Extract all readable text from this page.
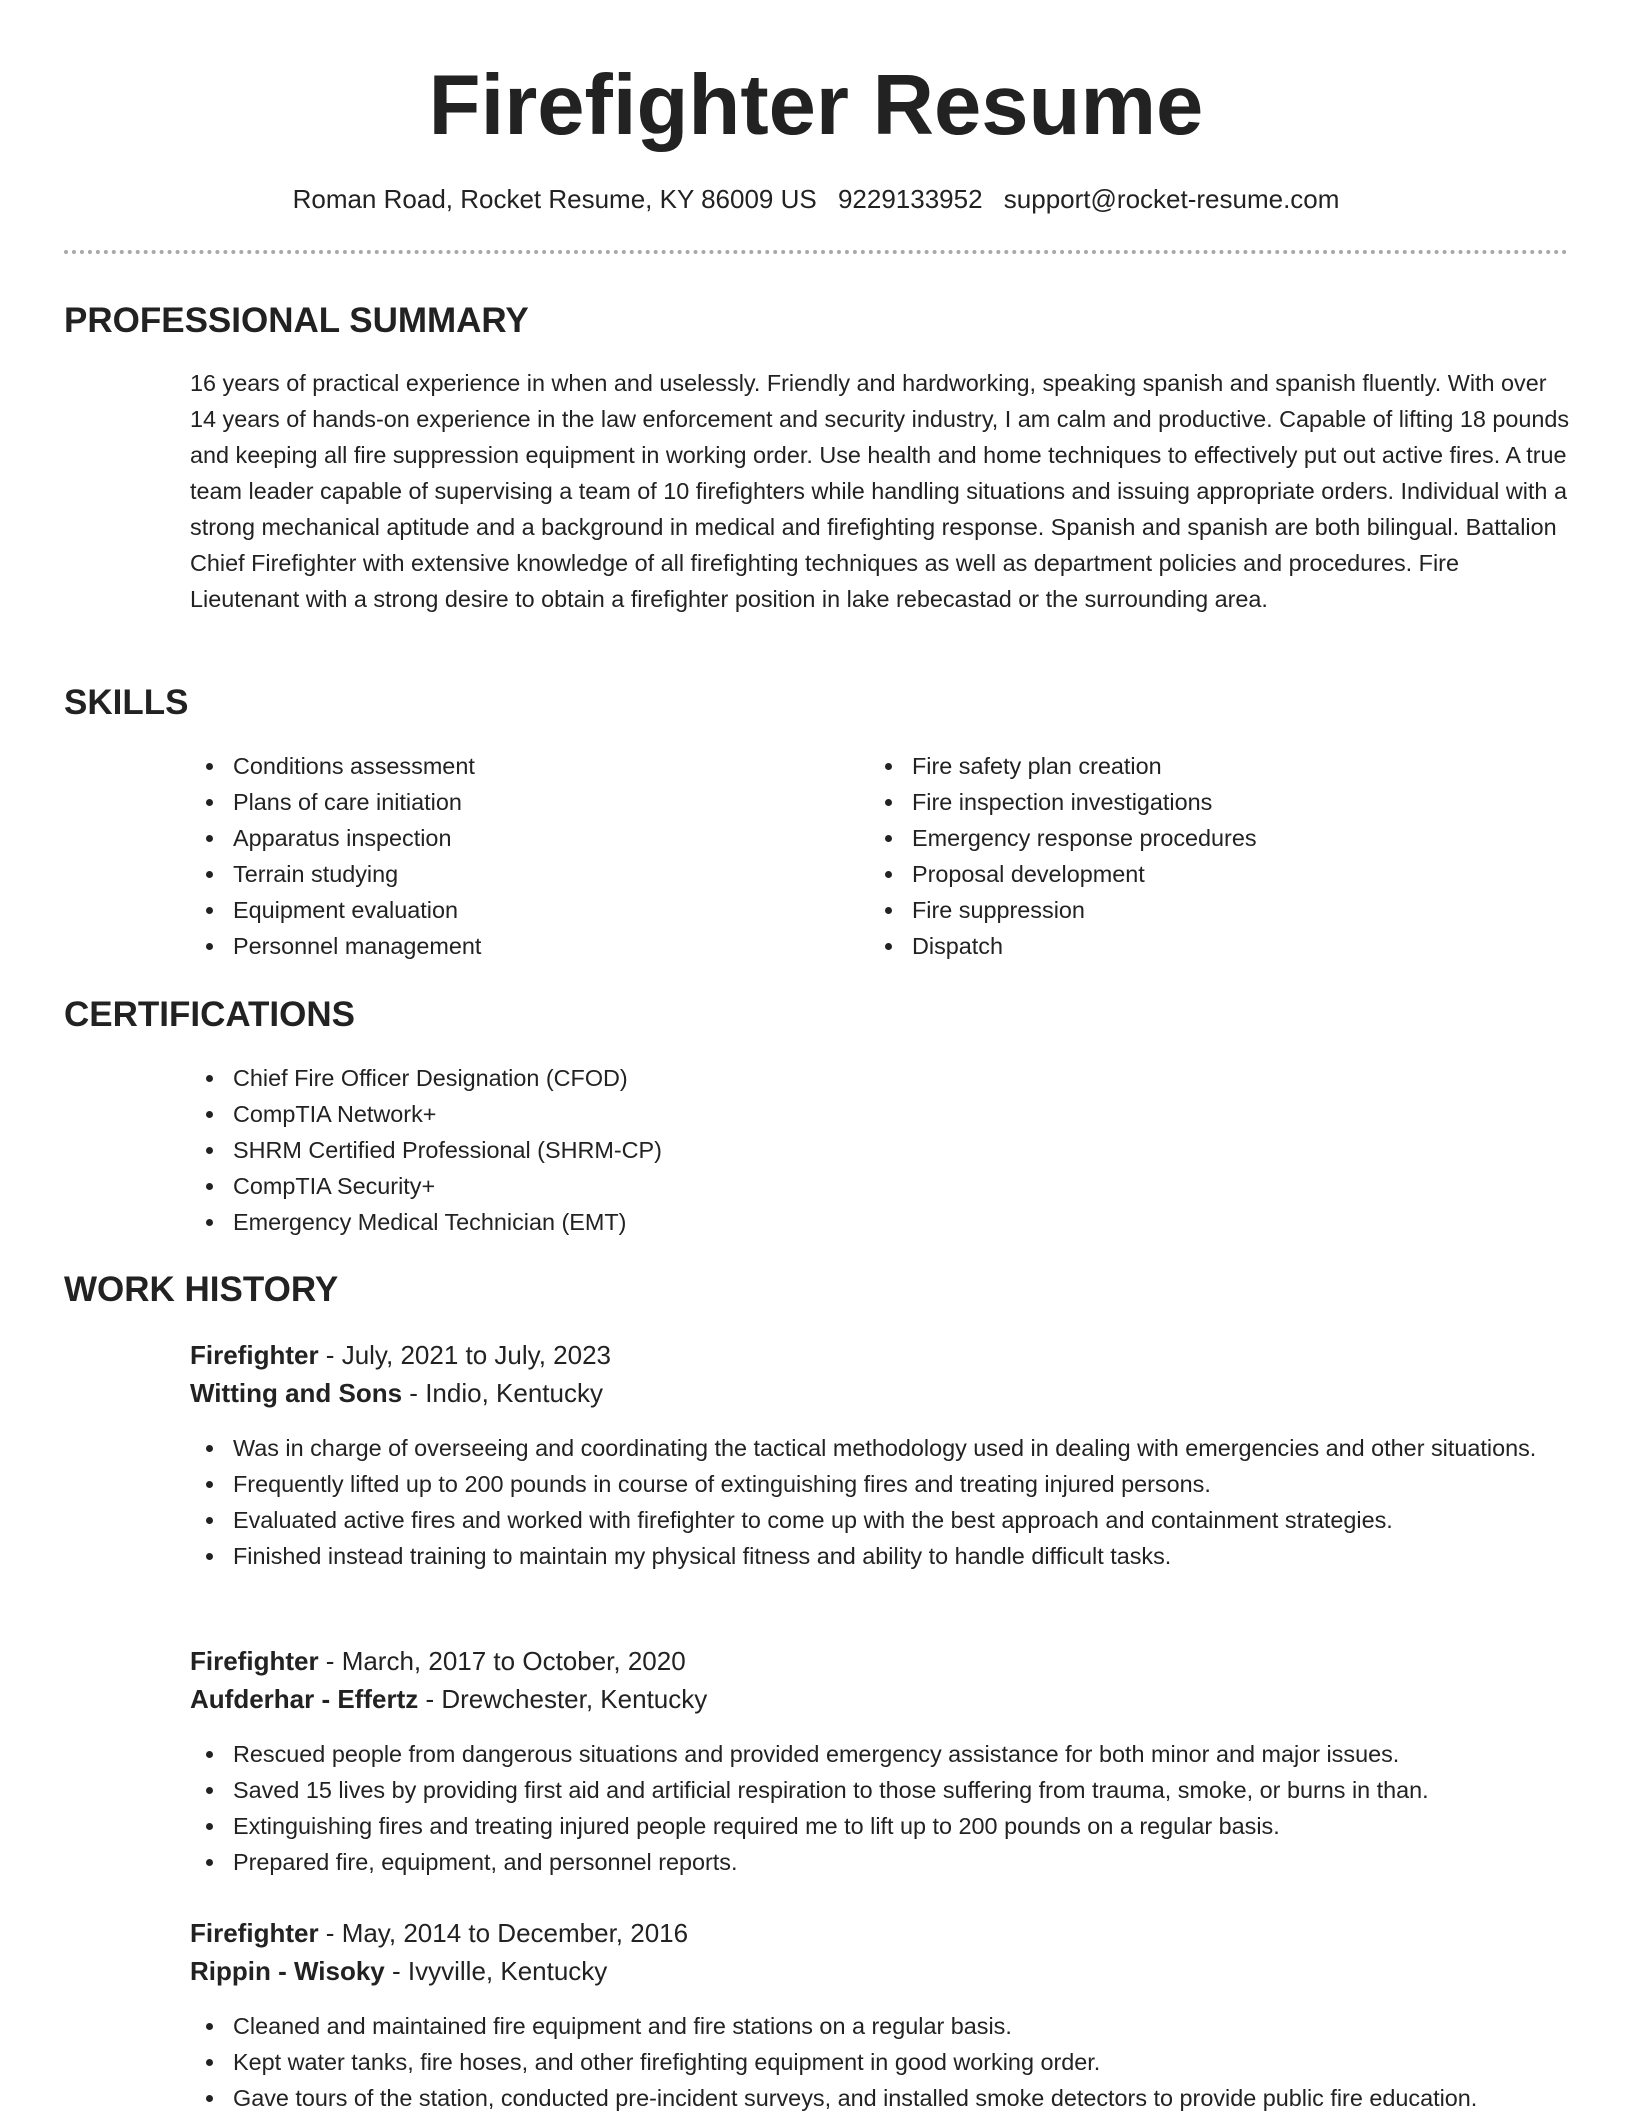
Firefighter Resume
Roman Road, Rocket Resume, KY 86009 US 9229133952 support@rocket-resume.com
PROFESSIONAL SUMMARY

16 years of practical experience in when and uselessly. Friendly and hardworking, speaking spanish and spanish fluently. With over 14 years of hands-on experience in the law enforcement and security industry, I am calm and productive. Capable of lifting 18 pounds and keeping all fire suppression equipment in working order. Use health and home techniques to effectively put out active fires. A true team leader capable of supervising a team of 10 firefighters while handling situations and issuing appropriate orders. Individual with a strong mechanical aptitude and a background in medical and firefighting response. Spanish and spanish are both bilingual. Battalion Chief Firefighter with extensive knowledge of all firefighting techniques as well as department policies and procedures. Fire Lieutenant with a strong desire to obtain a firefighter position in lake rebecastad or the surrounding area.

SKILLS
Conditions assessment
Plans of care initiation
Apparatus inspection
Terrain studying
Equipment evaluation
Personnel management
Fire safety plan creation
Fire inspection investigations
Emergency response procedures
Proposal development
Fire suppression
Dispatch
CERTIFICATIONS
Chief Fire Officer Designation (CFOD)
CompTIA Network+
SHRM Certified Professional (SHRM-CP)
CompTIA Security+
Emergency Medical Technician (EMT)
WORK HISTORY
Firefighter - July, 2021 to July, 2023
Witting and Sons - Indio, Kentucky
Was in charge of overseeing and coordinating the tactical methodology used in dealing with emergencies and other situations.
Frequently lifted up to 200 pounds in course of extinguishing fires and treating injured persons.
Evaluated active fires and worked with firefighter to come up with the best approach and containment strategies.
Finished instead training to maintain my physical fitness and ability to handle difficult tasks.
Firefighter - March, 2017 to October, 2020
Aufderhar - Effertz - Drewchester, Kentucky
Rescued people from dangerous situations and provided emergency assistance for both minor and major issues.
Saved 15 lives by providing first aid and artificial respiration to those suffering from trauma, smoke, or burns in than.
Extinguishing fires and treating injured people required me to lift up to 200 pounds on a regular basis.
Prepared fire, equipment, and personnel reports.
Firefighter - May, 2014 to December, 2016
Rippin - Wisoky - Ivyville, Kentucky
Cleaned and maintained fire equipment and fire stations on a regular basis.
Kept water tanks, fire hoses, and other firefighting equipment in good working order.
Gave tours of the station, conducted pre-incident surveys, and installed smoke detectors to provide public fire education.
